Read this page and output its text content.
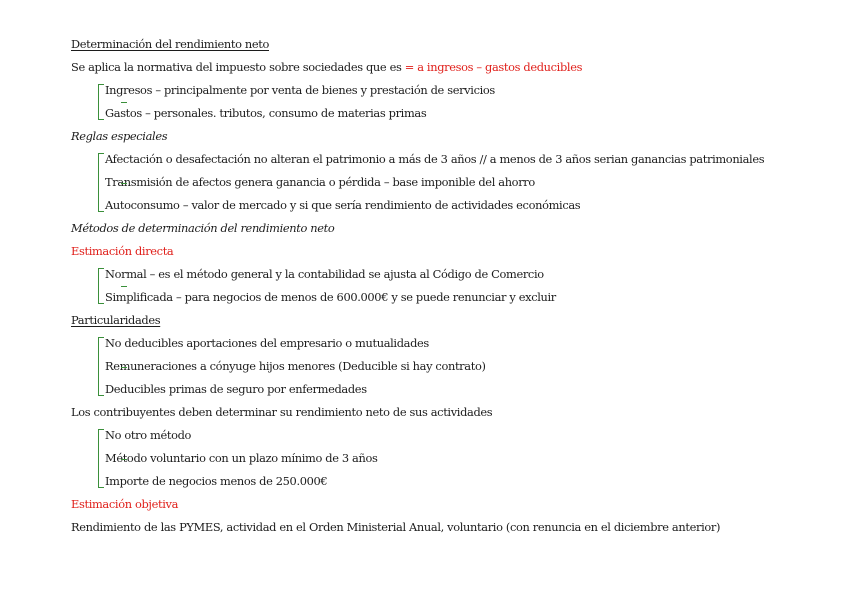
Determinación del rendimiento neto
Se aplica la normativa del impuesto sobre sociedades que es = a ingresos – gastos deducibles
Ingresos – principalmente por venta de bienes y prestación de servicios
Gastos – personales. tributos, consumo de materias primas
Reglas especiales
Afectación o desafectación no alteran el patrimonio a más de 3 años // a menos de 3 años serian ganancias patrimoniales
Transmisión de afectos genera ganancia o pérdida – base imponible del ahorro
Autoconsumo – valor de mercado y si que sería rendimiento de actividades económicas
Métodos de determinación del rendimiento neto
Estimación directa
Normal – es el método general y la contabilidad se ajusta al Código de Comercio
Simplificada – para negocios de menos de 600.000€ y se puede renunciar y excluir
Particularidades
No deducibles aportaciones del empresario o mutualidades
Remuneraciones a cónyuge hijos menores (Deducible si hay contrato)
Deducibles primas de seguro por enfermedades
Los contribuyentes deben determinar su rendimiento neto de sus actividades
No otro método
Método voluntario con un plazo mínimo de 3 años
Importe de negocios menos de 250.000€
Estimación objetiva
Rendimiento de las PYMES, actividad en el Orden Ministerial Anual, voluntario (con renuncia en el diciembre anterior)
